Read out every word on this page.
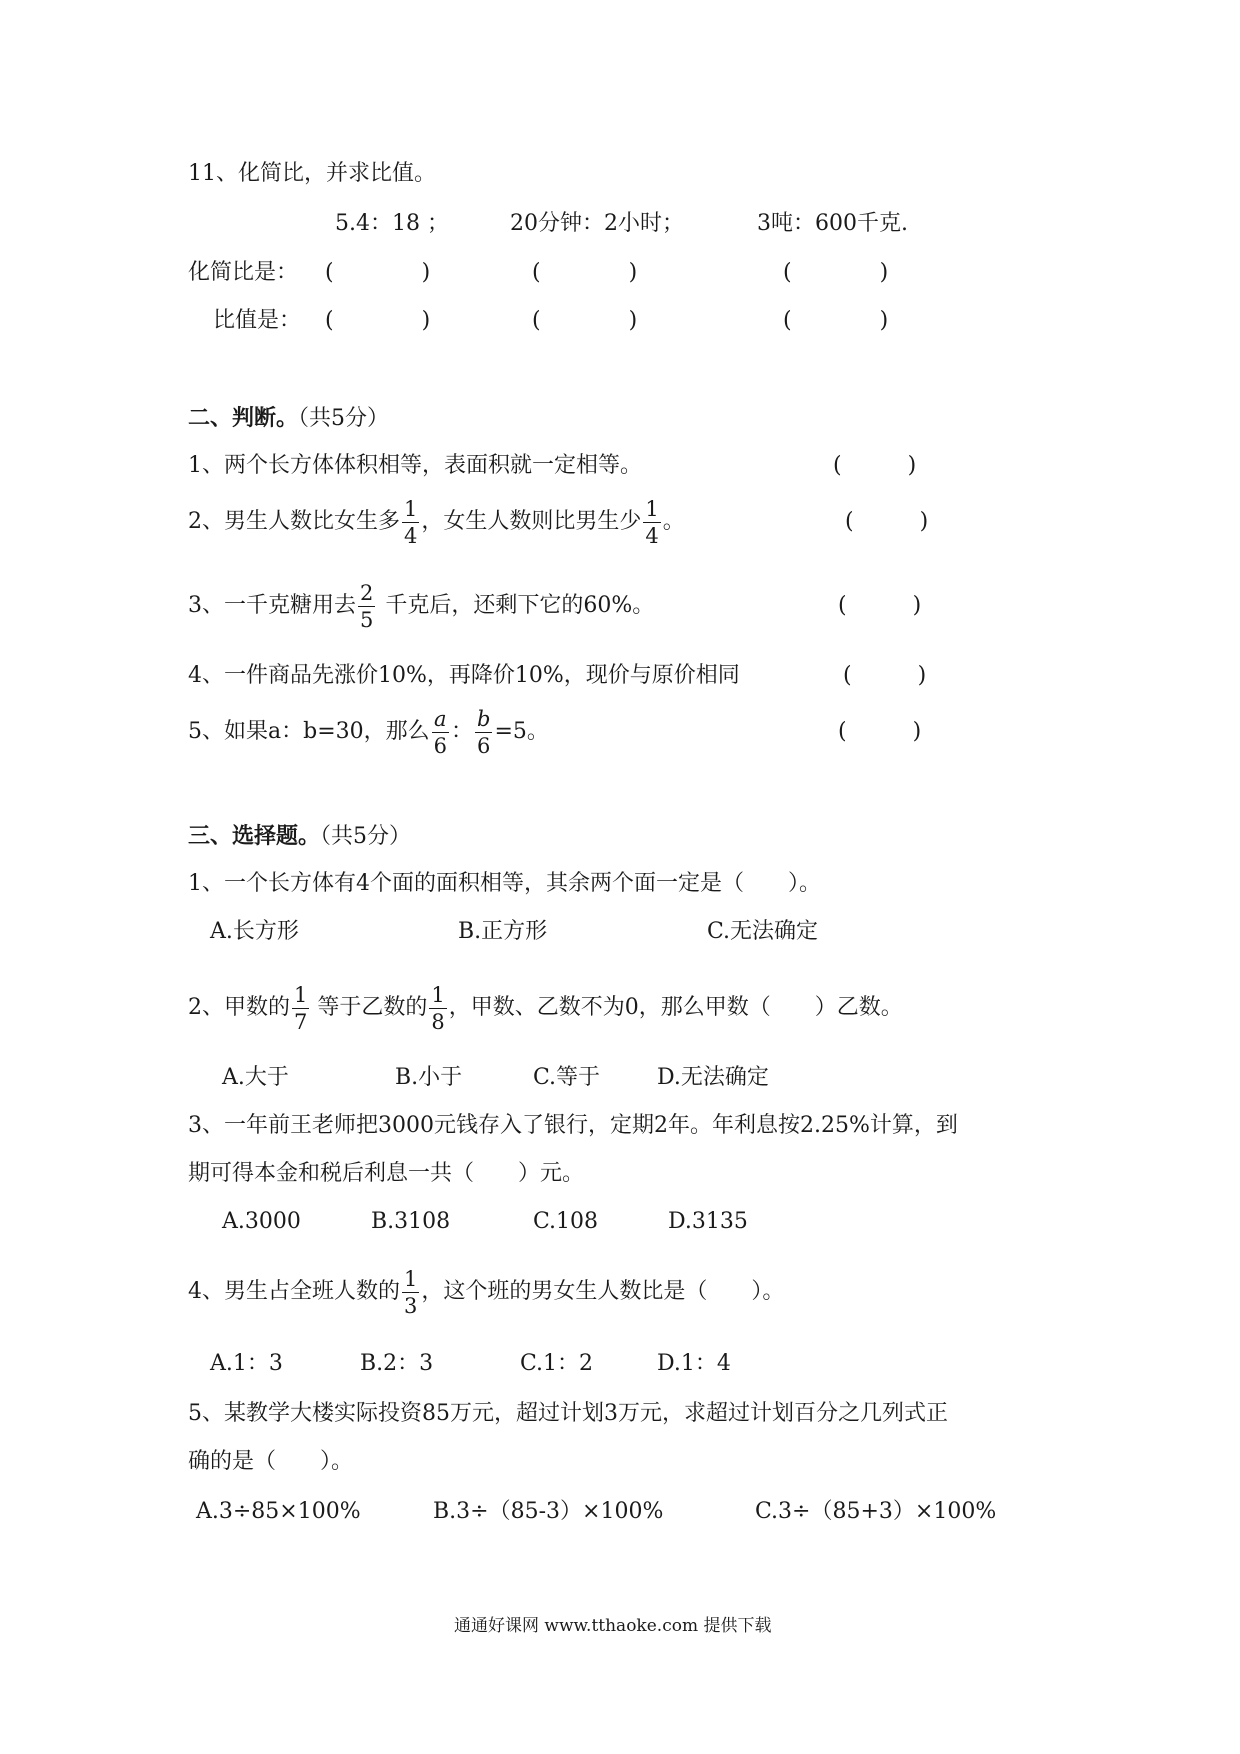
11、化简比，并求比值。
5.4：18 ；	20分钟：2小时；	3吨：600千克.
化简比是： (　　　　)	(　　　　)	(　　　　)
比值是： (　　　　)	(　　　　)	(　　　　)
二、判断。（共5分）
1、两个长方体体积相等，表面积就一定相等。	(　　　)
2、男生人数比女生多 $\frac{1}{4}$ ，女生人数则比男生少 $\frac{1}{4}$ 。	(　　　)
3、一千克糖用去 $\frac{2}{5}$ 千克后，还剩下它的60%。	(　　　)
4、一件商品先涨价10%，再降价10%，现价与原价相同	(　　　)
5、如果a：b=30，那么 $\frac{a}{6}$ ： $\frac{b}{6} =5$。	(　　　)
三、选择题。（共5分）
1、一个长方体有4个面的面积相等，其余两个面一定是（　　）。
A.长方形	B.正方形	C.无法确定
2、甲数的 $\frac{1}{7}$ 等于乙数的 $\frac{1}{8}$ ，甲数、乙数不为0，那么甲数（　　）乙数。
A.大于	B.小于	C.等于	D.无法确定
3、一年前王老师把3000元钱存入了银行，定期2年。年利息按2.25%计算，到
期可得本金和税后利息一共（　　）元。
A.3000	B.3108	C.108	D.3135
4、男生占全班人数的 $\frac{1}{3}$ ，这个班的男女生人数比是（　　）。
A.1：3	B.2：3	C.1：2	D.1：4
5、某教学大楼实际投资85万元，超过计划3万元，求超过计划百分之几列式正
确的是（　　）。
A.3÷85×100%	B.3÷（85-3）×100%	C.3÷（85+3）×100%
通通好课网 www.tthaoke.com 提供下载
